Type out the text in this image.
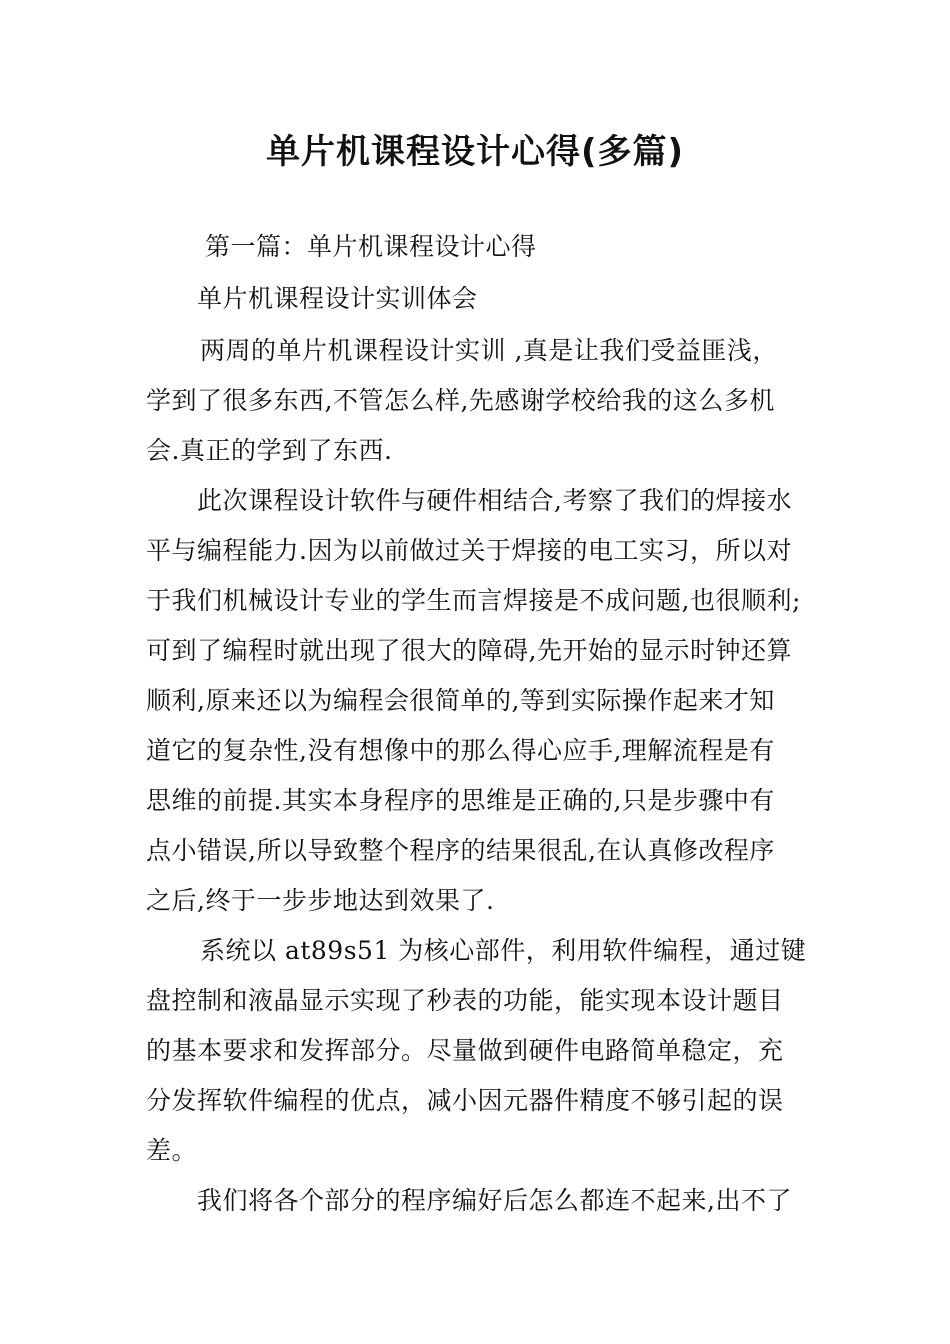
单片机课程设计心得(多篇)
第一篇：单片机课程设计心得
单片机课程设计实训体会
两周的单片机课程设计实训 ,真是让我们受益匪浅，
学到了很多东西,不管怎么样,先感谢学校给我的这么多机
会.真正的学到了东西.
此次课程设计软件与硬件相结合,考察了我们的焊接水
平与编程能力.因为以前做过关于焊接的电工实习，所以对
于我们机械设计专业的学生而言焊接是不成问题,也很顺利;
可到了编程时就出现了很大的障碍,先开始的显示时钟还算
顺利,原来还以为编程会很简单的,等到实际操作起来才知
道它的复杂性,没有想像中的那么得心应手,理解流程是有
思维的前提.其实本身程序的思维是正确的,只是步骤中有
点小错误,所以导致整个程序的结果很乱,在认真修改程序
之后,终于一步步地达到效果了.
系统以 at89s51 为核心部件，利用软件编程，通过键
盘控制和液晶显示实现了秒表的功能，能实现本设计题目
的基本要求和发挥部分。尽量做到硬件电路简单稳定，充
分发挥软件编程的优点，减小因元器件精度不够引起的误
差。
我们将各个部分的程序编好后怎么都连不起来,出不了
